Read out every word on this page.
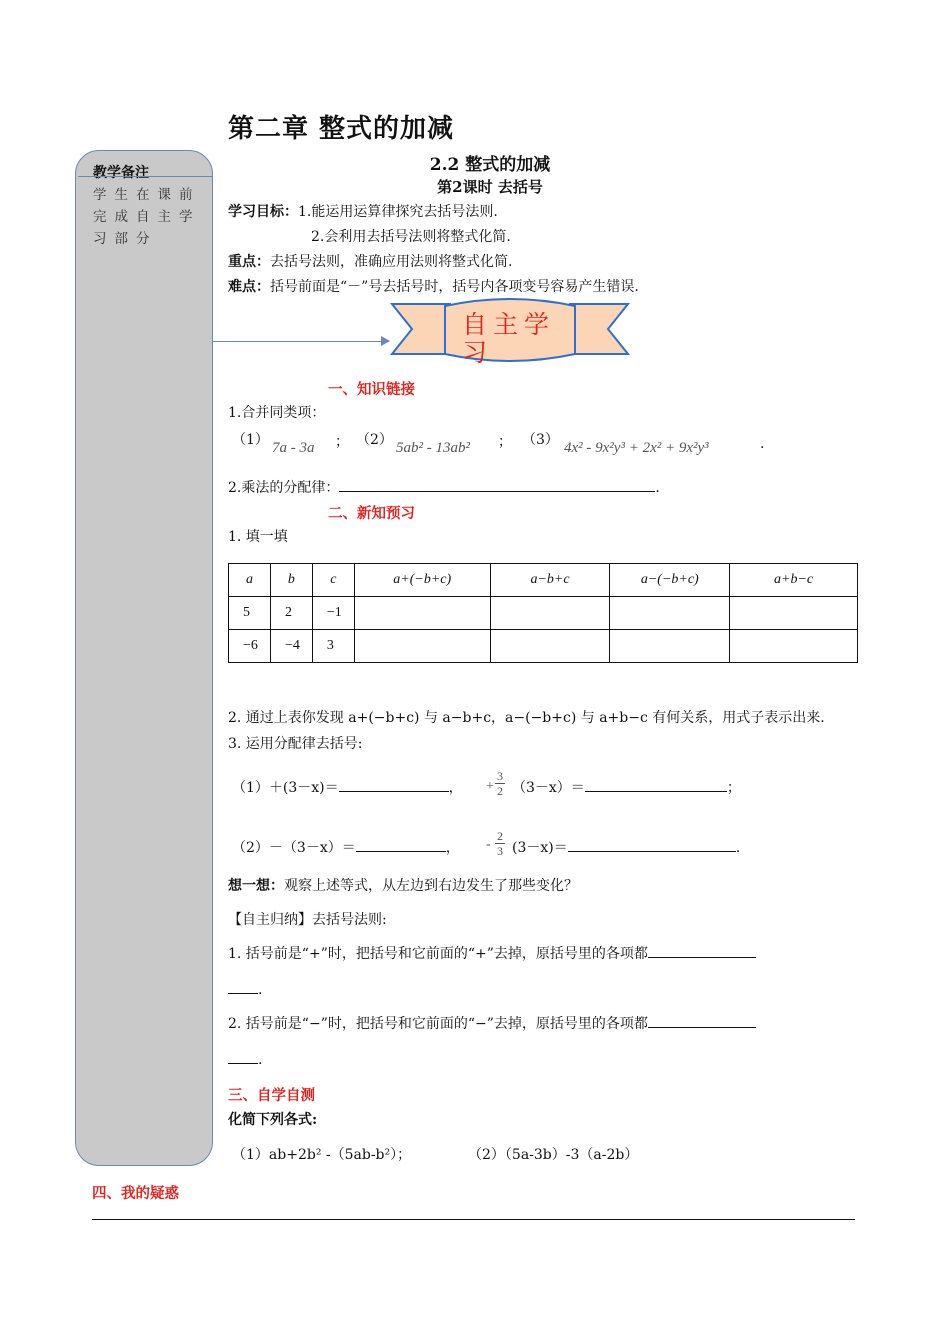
教学备注
学生在课前完成自主学习部分
第二章 整式的加减
2.2 整式的加减
第2课时 去括号
学习目标：1.能运用运算律探究去括号法则.
2.会利用去括号法则将整式化简.
重点：去括号法则，准确应用法则将整式化简.
难点：括号前面是“－”号去括号时，括号内各项变号容易产生错误.
自主学习
一、知识链接
1.合并同类项：
（1） 7a - 3a ； （2） 5ab² - 13ab² ； （3） 4x² - 9x²y³ + 2x² + 9x²y³	.
2.乘法的分配律：	.
二、新知预习
1. 填一填
a	b	c	a+(−b+c)	a−b+c	a−(−b+c)	a+b−c
5	2	−1				
−6	−4	3				
2. 通过上表你发现 a+(−b+c) 与 a−b+c，a−(−b+c) 与 a+b−c 有何关系，用式子表示出来.
3. 运用分配律去括号:
（1）＋(3－x)＝	， + $\frac{3}{2} (3-x)=$	；
（2）－（3－x）＝	， - $\frac{2}{3} (3-x)=$	.
想一想：观察上述等式，从左边到右边发生了那些变化？
【自主归纳】去括号法则:
1. 括号前是“+”时，把括号和它前面的“+”去掉，原括号里的各项都
.
2. 括号前是“−”时，把括号和它前面的“−”去掉，原括号里的各项都
.
三、自学自测
化简下列各式:
（1）ab+2b² -（5ab-b²）；	（2）（5a-3b）-3（a-2b）
四、我的疑惑
